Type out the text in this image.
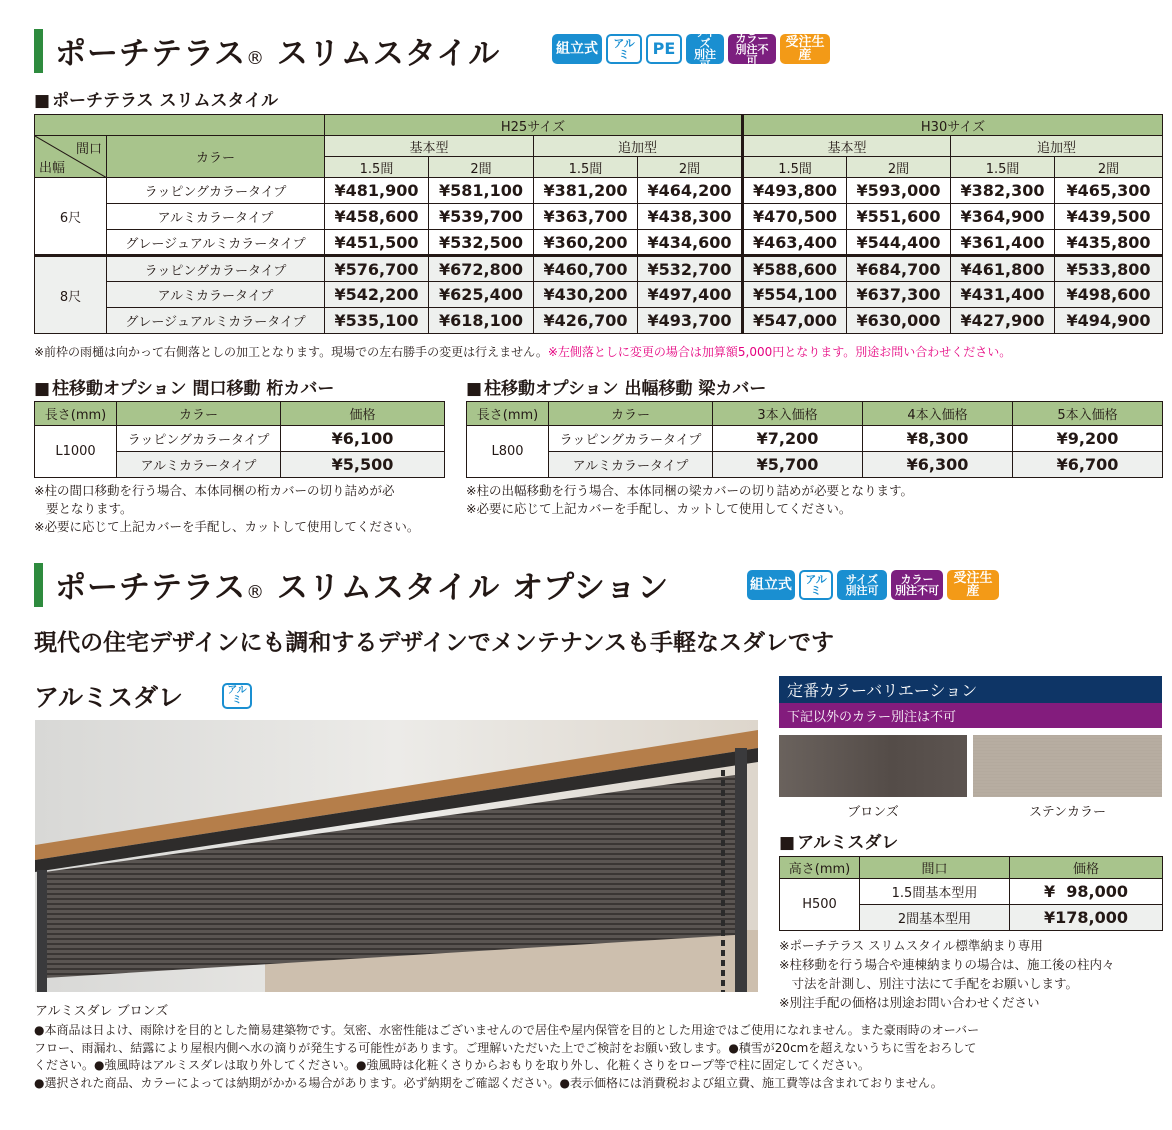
ポーチテラス® スリムスタイル	組立式	アルミ	PE
サイズ
別注可
カラー
別注不可
受注生産
■ ポーチテラス スリムスタイル
		H25サイズ				H30サイズ			

間口
出幅	カラー	基本型		追加型		基本型		追加型	
		1.5間	2間	1.5間	2間	1.5間	2間	1.5間	2間
6尺	ラッピングカラータイプ	¥481,900	¥581,100	¥381,200	¥464,200	¥493,800	¥593,000	¥382,300	¥465,300
	アルミカラータイプ	¥458,600	¥539,700	¥363,700	¥438,300	¥470,500	¥551,600	¥364,900	¥439,500
	グレージュアルミカラータイプ	¥451,500	¥532,500	¥360,200	¥434,600	¥463,400	¥544,400	¥361,400	¥435,800
8尺	ラッピングカラータイプ	¥576,700	¥672,800	¥460,700	¥532,700	¥588,600	¥684,700	¥461,800	¥533,800
	アルミカラータイプ	¥542,200	¥625,400	¥430,200	¥497,400	¥554,100	¥637,300	¥431,400	¥498,600
	グレージュアルミカラータイプ	¥535,100	¥618,100	¥426,700	¥493,700	¥547,000	¥630,000	¥427,900	¥494,900
※前枠の雨樋は向かって右側落としの加工となります。現場での左右勝手の変更は行えません。※左側落としに変更の場合は加算額5,000円となります。別途お問い合わせください。
■ 柱移動オプション 間口移動 桁カバー
長さ(mm)	カラー	価格
L1000	ラッピングカラータイプ	¥6,100
	アルミカラータイプ	¥5,500
※柱の間口移動を行う場合、本体同梱の桁カバーの切り詰めが必
要となります。
※必要に応じて上記カバーを手配し、カットして使用してください。
■ 柱移動オプション 出幅移動 梁カバー
長さ(mm)	カラー	3本入価格	4本入価格	5本入価格
L800	ラッピングカラータイプ	¥7,200	¥8,300	¥9,200
	アルミカラータイプ	¥5,700	¥6,300	¥6,700
※柱の出幅移動を行う場合、本体同梱の梁カバーの切り詰めが必要となります。
※必要に応じて上記カバーを手配し、カットして使用してください。
ポーチテラス® スリムスタイル オプション	組立式	アルミ
サイズ
別注可
カラー
別注不可
受注生産
現代の住宅デザインにも調和するデザインでメンテナンスも手軽なスダレです
アルミスダレ	アルミ
アルミスダレ ブロンズ
定番カラーバリエーション
下記以外のカラー別注は不可
ブロンズ	ステンカラー
■ アルミスダレ
高さ(mm)	間口	価格
H500	1.5間基本型用	¥  98,000
	2間基本型用	¥178,000
※ポーチテラス スリムスタイル標準納まり専用
※柱移動を行う場合や連棟納まりの場合は、施工後の柱内々
　寸法を計測し、別注寸法にて手配をお願いします。
※別注手配の価格は別途お問い合わせください
●本商品は日よけ、雨除けを目的とした簡易建築物です。気密、水密性能はございませんので居住や屋内保管を目的とした用途ではご使用になれません。また豪雨時のオーバー
フロー、雨漏れ、結露により屋根内側へ水の滴りが発生する可能性があります。ご理解いただいた上でご検討をお願い致します。●積雪が20cmを超えないうちに雪をおろして
ください。●強風時はアルミスダレは取り外してください。●強風時は化粧くさりからおもりを取り外し、化粧くさりをロープ等で柱に固定してください。
●選択された商品、カラーによっては納期がかかる場合があります。必ず納期をご確認ください。●表示価格には消費税および組立費、施工費等は含まれておりません。
